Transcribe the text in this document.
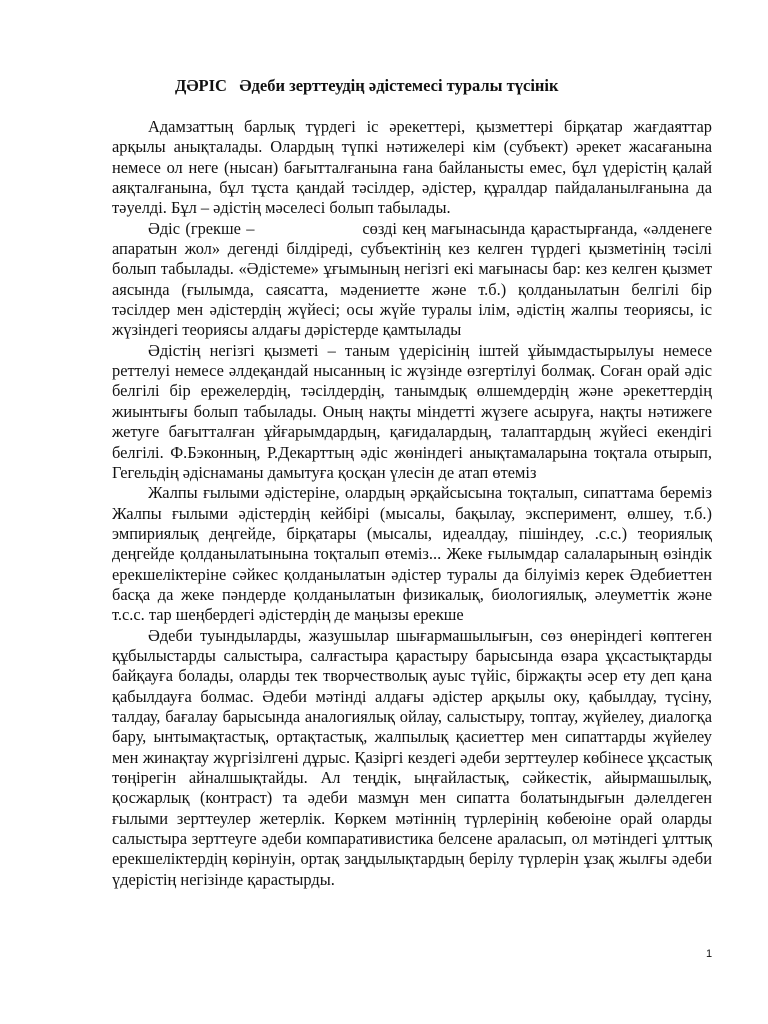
ДӘРІС   Әдеби зерттеудің әдістемесі туралы түсінік

Адамзаттың барлық түрдегі іс әрекеттері, қызметтері бірқатар жағдаяттар арқылы анықталады. Олардың түпкі нәтижелері кім (субъект) әрекет жасағанына немесе ол неге (нысан) бағытталғанына ғана байланысты емес, бұл үдерістің қалай аяқталғанына, бұл тұста қандай тәсілдер, әдістер, құралдар пайдаланылғанына да тәуелді. Бұл – әдістің мәселесі болып табылады.

Әдіс (грекше –                    сөзді кең мағынасында қарастырғанда, «әлденеге апаратын жол» дегенді білдіреді, субъектінің кез келген түрдегі қызметінің тәсілі болып табылады. «Әдістеме» ұғымының негізгі екі мағынасы бар: кез келген қызмет аясында (ғылымда, саясатта, мәдениетте және т.б.) қолданылатын белгілі бір тәсілдер мен әдістердің жүйесі; осы жүйе туралы ілім, әдістің жалпы теориясы, іс жүзіндегі теориясы алдағы дәрістерде қамтылады

Әдістің негізгі қызметі – таным үдерісінің іштей ұйымдастырылуы немесе реттелуі немесе әлдеқандай нысанның іс жүзінде өзгертілуі болмақ. Соған орай әдіс белгілі бір ережелердің, тәсілдердің, танымдық өлшемдердің және әрекеттердің жиынтығы болып табылады. Оның нақты міндетті жүзеге асыруға, нақты нәтижеге жетуге бағытталған ұйғарымдардың, қағидалардың, талаптардың жүйесі екендігі белгілі. Ф.Бэконның, Р.Декарттың әдіс жөніндегі анықтамаларына тоқтала отырып, Гегельдің әдіснаманы дамытуға қосқан үлесін де атап өтеміз

Жалпы ғылыми әдістеріне, олардың әрқайсысына тоқталып, сипаттама береміз Жалпы ғылыми әдістердің кейбірі (мысалы, бақылау, эксперимент, өлшеу, т.б.) эмпириялық деңгейде, бірқатары (мысалы, идеалдау, пішіндеу, .с.с.) теориялық деңгейде қолданылатынына тоқталып өтеміз... Жеке ғылымдар салаларының өзіндік ерекшеліктеріне сәйкес қолданылатын әдістер туралы да білуіміз керек Әдебиеттен басқа да жеке пәндерде қолданылатын физикалық, биологиялық, әлеуметтік және т.с.с. тар шеңбердегі әдістердің де маңызы ерекше

Әдеби туындыларды, жазушылар шығармашылығын, сөз өнеріндегі көптеген құбылыстарды салыстыра, салғастыра қарастыру барысында өзара ұқсастықтарды байқауға болады, оларды тек творчестволық ауыс түйіс, біржақты әсер ету деп қана қабылдауға болмас. Әдеби мәтінді алдағы әдістер арқылы оку, қабылдау, түсіну, талдау, бағалау барысында аналогиялық ойлау, салыстыру, топтау, жүйелеу, диалогқа бару, ынтымақтастық, ортақтастық, жалпылық қасиеттер мен сипаттарды жүйелеу мен жинақтау жүргізілгені дұрыс. Қазіргі кездегі әдеби зерттеулер көбінесе ұқсастық төңірегін айналшықтайды. Ал теңдік, ыңғайластық, сәйкестік, айырмашылық, қосжарлық (контраст) та әдеби мазмұн мен сипатта болатындығын дәлелдеген ғылыми зерттеулер жетерлік. Көркем мәтіннің түрлерінің көбеюіне орай оларды салыстыра зерттеуге әдеби компаративистика белсене араласып, ол мәтіндегі ұлттық ерекшеліктердің көрінуін, ортақ заңдылықтардың берілу түрлерін ұзақ жылғы әдеби үдерістің негізінде қарастырды.

1
